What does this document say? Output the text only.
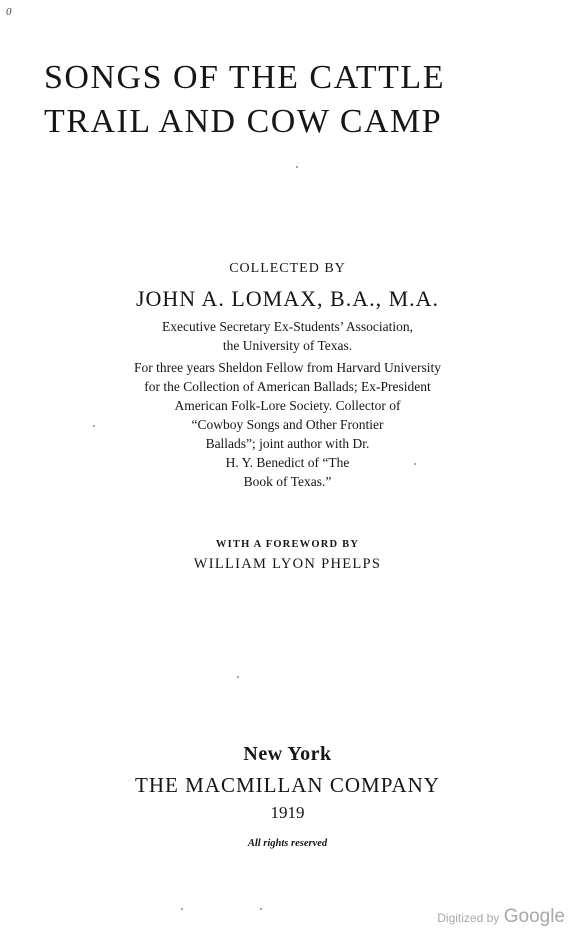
0
SONGS OF THE CATTLE
TRAIL AND COW CAMP
COLLECTED BY
JOHN A. LOMAX, B.A., M.A.
Executive Secretary Ex-Students’ Association,
the University of Texas.
For three years Sheldon Fellow from Harvard University
for the Collection of American Ballads; Ex-President
American Folk-Lore Society. Collector of
“Cowboy Songs and Other Frontier
Ballads”; joint author with Dr.
H. Y. Benedict of “The
Book of Texas.”
WITH A FOREWORD BY
WILLIAM LYON PHELPS
New York
THE MACMILLAN COMPANY
1919
All rights reserved
Digitized by Google
